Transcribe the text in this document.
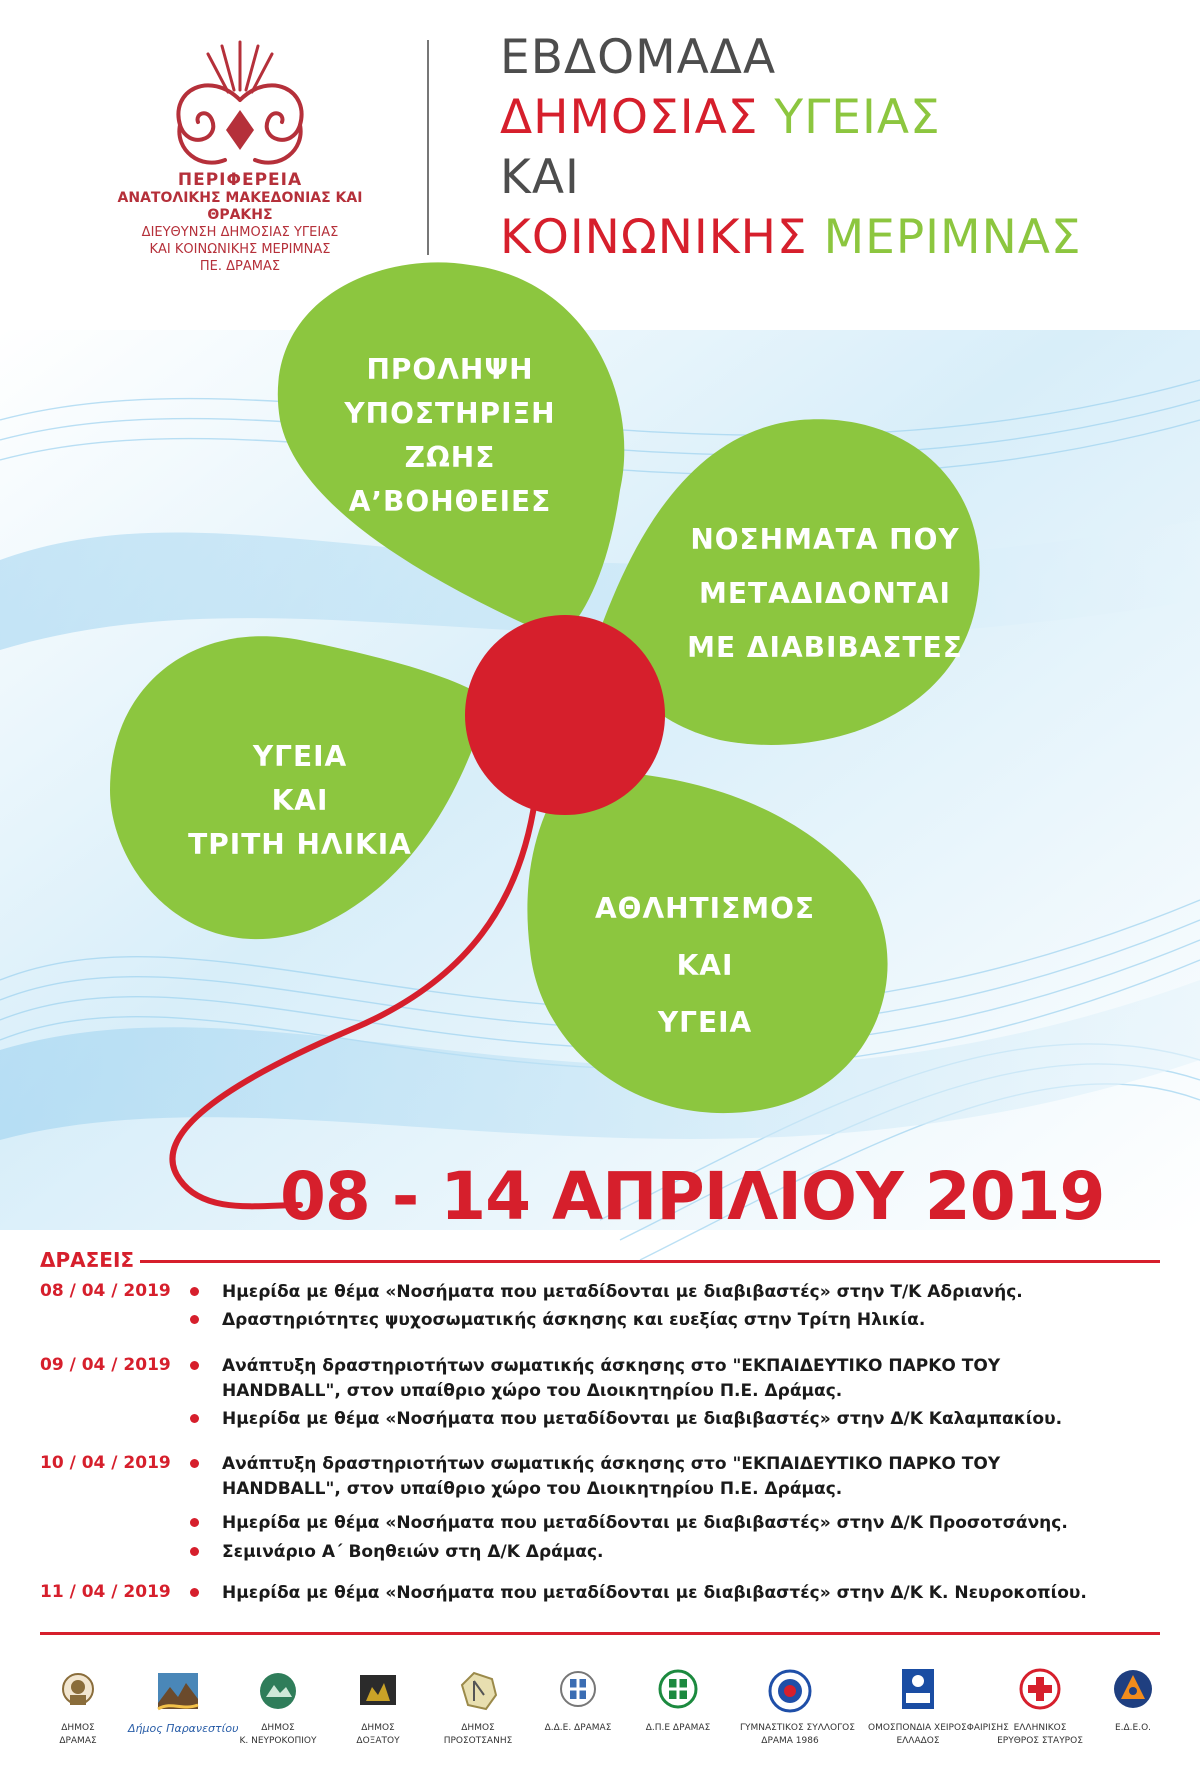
ΠΕΡΙΦΕΡΕΙΑ
ΑΝΑΤΟΛΙΚΗΣ ΜΑΚΕΔΟΝΙΑΣ ΚΑΙ ΘΡΑΚΗΣ
ΔΙΕΥΘΥΝΣΗ ΔΗΜΟΣΙΑΣ ΥΓΕΙΑΣ
ΚΑΙ ΚΟΙΝΩΝΙΚΗΣ ΜΕΡΙΜΝΑΣ
ΠΕ. ΔΡΑΜΑΣ
ΕΒΔΟΜΑΔΑ
ΔΗΜΟΣΙΑΣ ΥΓΕΙΑΣ
ΚΑΙ
ΚΟΙΝΩΝΙΚΗΣ ΜΕΡΙΜΝΑΣ
ΠΡΟΛΗΨΗ
ΥΠΟΣΤΗΡΙΞΗ
ΖΩΗΣ
Α’ΒΟΗΘΕΙΕΣ
ΝΟΣΗΜΑΤΑ ΠΟΥ
ΜΕΤΑΔΙΔΟΝΤΑΙ
ΜΕ ΔΙΑΒΙΒΑΣΤΕΣ
ΥΓΕΙΑ
ΚΑΙ
ΤΡΙΤΗ ΗΛΙΚΙΑ
ΑΘΛΗΤΙΣΜΟΣ
ΚΑΙ
ΥΓΕΙΑ
08 - 14 ΑΠΡΙΛΙΟΥ 2019
ΔΡΑΣΕΙΣ
08 / 04 / 2019	Ημερίδα με θέμα «Νοσήματα που μεταδίδονται με διαβιβαστές» στην Τ/Κ Αδριανής.
Δραστηριότητες ψυχοσωματικής άσκησης και ευεξίας στην Τρίτη Ηλικία.
09 / 04 / 2019	Ανάπτυξη δραστηριοτήτων σωματικής άσκησης στο "ΕΚΠΑΙΔΕΥΤΙΚΟ ΠΑΡΚΟ ΤΟΥ
HANDBALL", στον υπαίθριο χώρο του Διοικητηρίου Π.Ε. Δράμας.
Ημερίδα με θέμα «Νοσήματα που μεταδίδονται με διαβιβαστές» στην Δ/Κ Καλαμπακίου.
10 / 04 / 2019	Ανάπτυξη δραστηριοτήτων σωματικής άσκησης στο "ΕΚΠΑΙΔΕΥΤΙΚΟ ΠΑΡΚΟ ΤΟΥ
HANDBALL", στον υπαίθριο χώρο του Διοικητηρίου Π.Ε. Δράμας.
Ημερίδα με θέμα «Νοσήματα που μεταδίδονται με διαβιβαστές» στην Δ/Κ Προσοτσάνης.
Σεμινάριο Α΄ Βοηθειών στη Δ/Κ Δράμας.
11 / 04 / 2019	Ημερίδα με θέμα «Νοσήματα που μεταδίδονται με διαβιβαστές» στην Δ/Κ Κ. Νευροκοπίου.
ΔΗΜΟΣ
ΔΡΑΜΑΣ
Δήμος Παρανεστίου	ΔΗΜΟΣ
Κ. ΝΕΥΡΟΚΟΠΙΟΥ
ΔΗΜΟΣ
ΔΟΞΑΤΟΥ
ΔΗΜΟΣ
ΠΡΟΣΟΤΣΑΝΗΣ
Δ.Δ.Ε. ΔΡΑΜΑΣ	Δ.Π.Ε ΔΡΑΜΑΣ	ΓΥΜΝΑΣΤΙΚΟΣ ΣΥΛΛΟΓΟΣ
ΔΡΑΜΑ 1986
ΟΜΟΣΠΟΝΔΙΑ ΧΕΙΡΟΣΦΑΙΡΙΣΗΣ
ΕΛΛΑΔΟΣ
ΕΛΛΗΝΙΚΟΣ
ΕΡΥΘΡΟΣ ΣΤΑΥΡΟΣ
Ε.Δ.Ε.Ο.
